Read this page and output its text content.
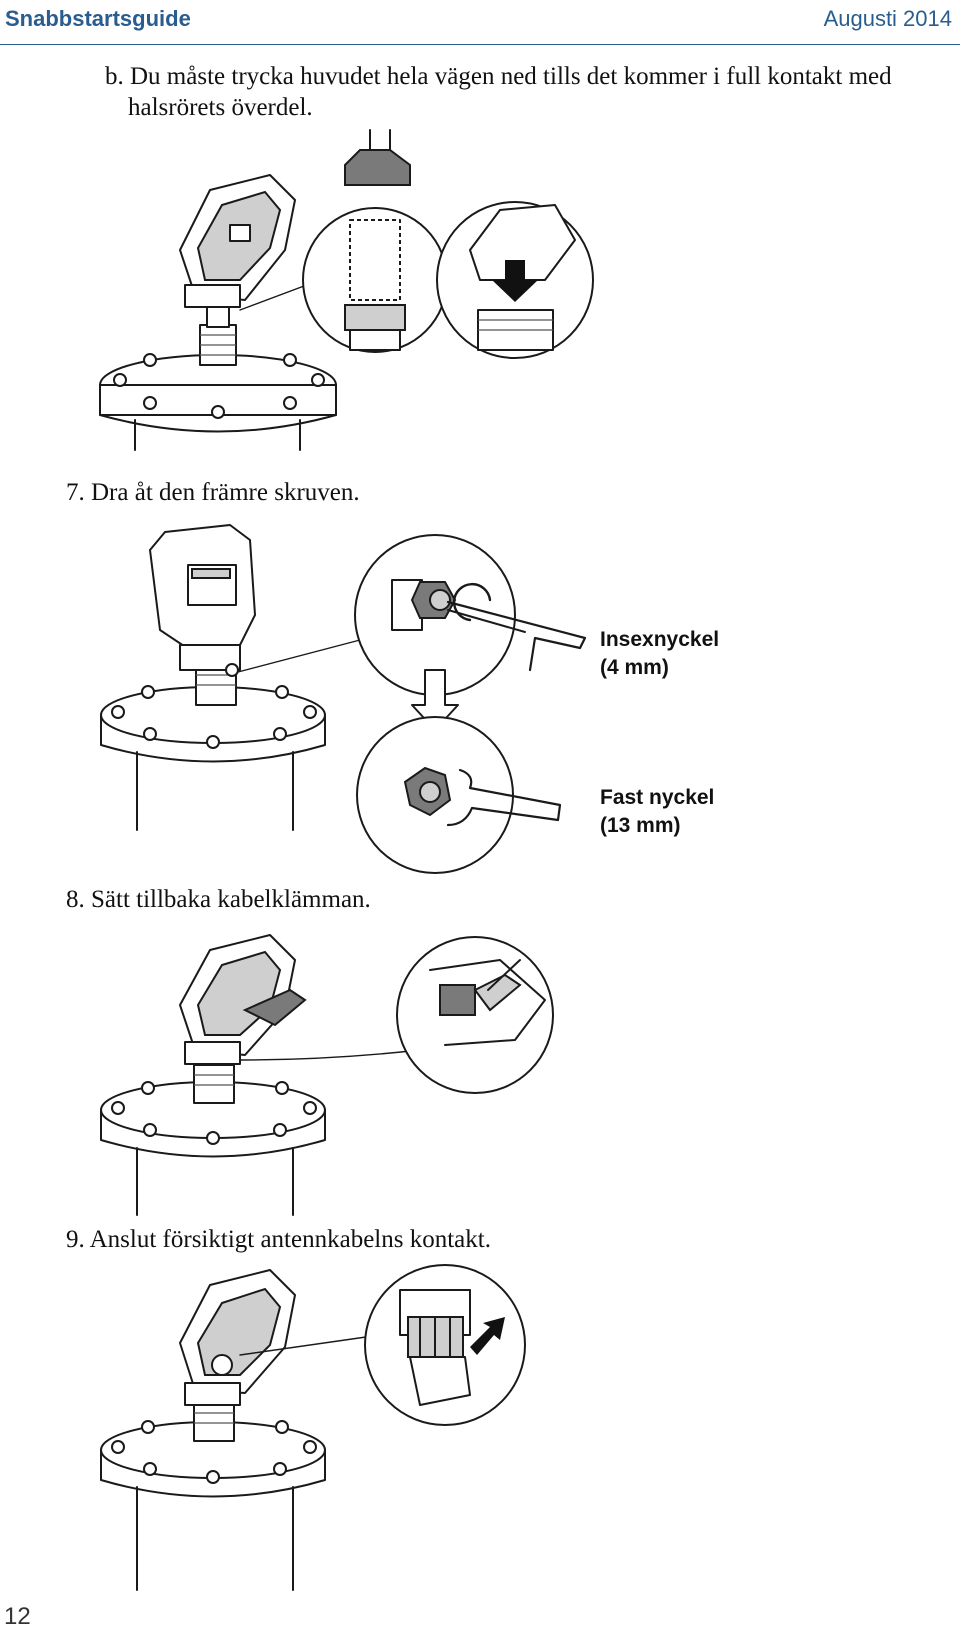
Snabbstartsguide	Augusti 2014
b. Du måste trycka huvudet hela vägen ned tills det kommer i full kontakt med
halsrörets överdel.
7. Dra åt den främre skruven.
Insexnyckel
(4 mm)
Fast nyckel
(13 mm)
8. Sätt tillbaka kabelklämman.
9. Anslut försiktigt antennkabelns kontakt.
12
